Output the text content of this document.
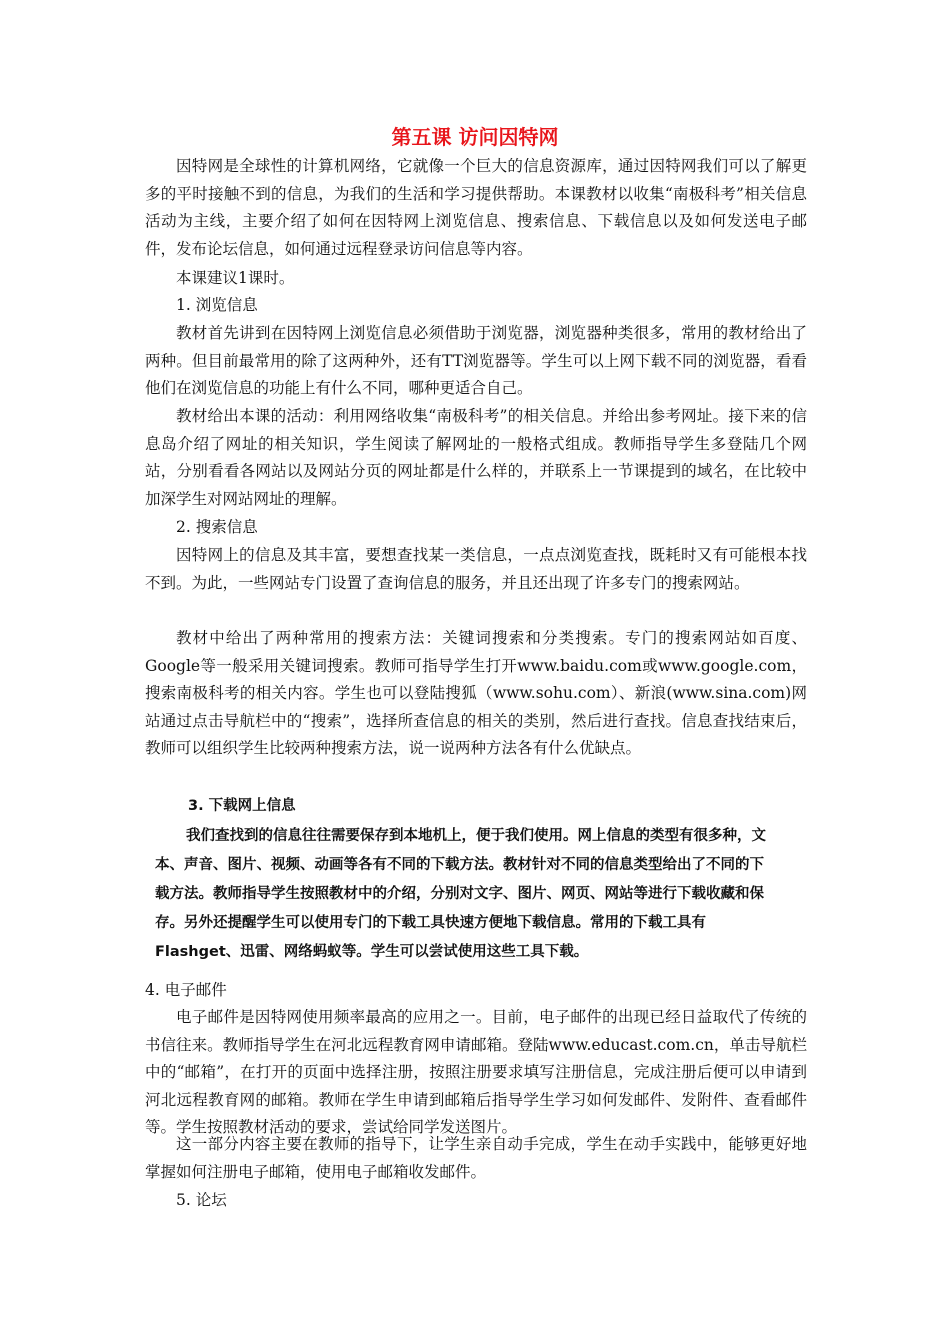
第五课 访问因特网

因特网是全球性的计算机网络，它就像一个巨大的信息资源库，通过因特网我们可以了解更多的平时接触不到的信息，为我们的生活和学习提供帮助。本课教材以收集“南极科考”相关信息活动为主线，主要介绍了如何在因特网上浏览信息、搜索信息、下载信息以及如何发送电子邮件，发布论坛信息，如何通过远程登录访问信息等内容。

本课建议1课时。

1. 浏览信息

教材首先讲到在因特网上浏览信息必须借助于浏览器，浏览器种类很多，常用的教材给出了两种。但目前最常用的除了这两种外，还有TT浏览器等。学生可以上网下载不同的浏览器，看看他们在浏览信息的功能上有什么不同，哪种更适合自己。

教材给出本课的活动：利用网络收集“南极科考”的相关信息。并给出参考网址。接下来的信息岛介绍了网址的相关知识，学生阅读了解网址的一般格式组成。教师指导学生多登陆几个网站，分别看看各网站以及网站分页的网址都是什么样的，并联系上一节课提到的域名，在比较中加深学生对网站网址的理解。

2. 搜索信息

因特网上的信息及其丰富，要想查找某一类信息，一点点浏览查找，既耗时又有可能根本找不到。为此，一些网站专门设置了查询信息的服务，并且还出现了许多专门的搜索网站。

教材中给出了两种常用的搜索方法：关键词搜索和分类搜索。专门的搜索网站如百度、Google等一般采用关键词搜索。教师可指导学生打开www.baidu.com或www.google.com，搜索南极科考的相关内容。学生也可以登陆搜狐（www.sohu.com）、新浪(www.sina.com)网站通过点击导航栏中的“搜索”，选择所查信息的相关的类别，然后进行查找。信息查找结束后，教师可以组织学生比较两种搜索方法，说一说两种方法各有什么优缺点。

3. 下载网上信息

我们查找到的信息往往需要保存到本地机上，便于我们使用。网上信息的类型有很多种，文本、声音、图片、视频、动画等各有不同的下载方法。教材针对不同的信息类型给出了不同的下载方法。教师指导学生按照教材中的介绍，分别对文字、图片、网页、网站等进行下载收藏和保存。另外还提醒学生可以使用专门的下载工具快速方便地下载信息。常用的下载工具有Flashget、迅雷、网络蚂蚁等。学生可以尝试使用这些工具下载。

4. 电子邮件

电子邮件是因特网使用频率最高的应用之一。目前，电子邮件的出现已经日益取代了传统的书信往来。教师指导学生在河北远程教育网申请邮箱。登陆www.educast.com.cn，单击导航栏中的“邮箱”，在打开的页面中选择注册，按照注册要求填写注册信息，完成注册后便可以申请到河北远程教育网的邮箱。教师在学生申请到邮箱后指导学生学习如何发邮件、发附件、查看邮件等。学生按照教材活动的要求，尝试给同学发送图片。

这一部分内容主要在教师的指导下，让学生亲自动手完成，学生在动手实践中，能够更好地掌握如何注册电子邮箱，使用电子邮箱收发邮件。

5. 论坛
